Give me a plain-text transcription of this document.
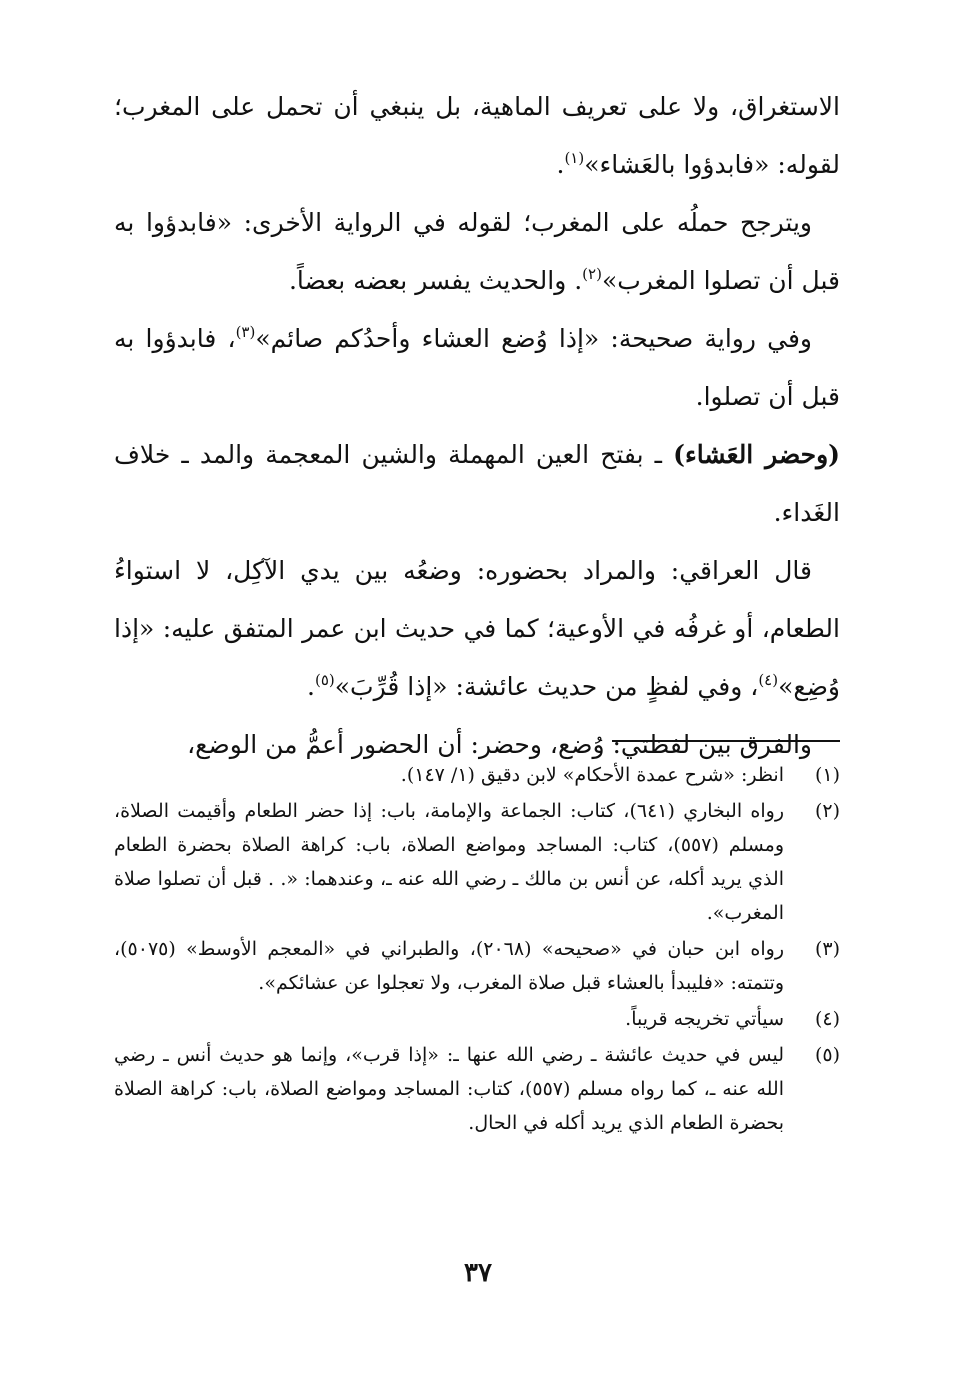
الاستغراق، ولا على تعريف الماهية، بل ينبغي أن تحمل على المغرب؛ لقوله: «فابدؤوا بالعَشاء»$^{(١)}$.

ويترجح حملُه على المغرب؛ لقوله في الرواية الأخرى: «فابدؤوا به قبل أن تصلوا المغرب»$^{(٢)}$. والحديث يفسر بعضه بعضاً.

وفي رواية صحيحة: «إذا وُضع العشاء وأحدُكم صائم»$^{(٣)}$، فابدؤوا به قبل أن تصلوا.

(وحضر العَشاء) ـ بفتح العين المهملة والشين المعجمة والمد ـ خلاف الغَداء.

قال العراقي: والمراد بحضوره: وضعُه بين يدي الآكِل، لا استواءُ الطعام، أو غرفُه في الأوعية؛ كما في حديث ابن عمر المتفق عليه: «إذا وُضِع»$^{(٤)}$، وفي لفظٍ من حديث عائشة: «إذا قُرِّبَ»$^{(٥)}$.

والفرق بين لفظتي: وُضع، وحضر: أن الحضور أعمُّ من الوضع،

(١)
انظر: «شرح عمدة الأحكام» لابن دقيق (١/ ١٤٧).
(٢)
رواه البخاري (٦٤١)، كتاب: الجماعة والإمامة، باب: إذا حضر الطعام وأقيمت الصلاة، ومسلم (٥٥٧)، كتاب: المساجد ومواضع الصلاة، باب: كراهة الصلاة بحضرة الطعام الذي يريد أكله، عن أنس بن مالك ـ رضي الله عنه ـ، وعندهما: «. . قبل أن تصلوا صلاة المغرب».
(٣)
رواه ابن حبان في «صحيحه» (٢٠٦٨)، والطبراني في «المعجم الأوسط» (٥٠٧٥)، وتتمته: «فليبدأ بالعشاء قبل صلاة المغرب، ولا تعجلوا عن عشائكم».
(٤)
سيأتي تخريجه قريباً.
(٥)
ليس في حديث عائشة ـ رضي الله عنها ـ: «إذا قرب»، وإنما هو حديث أنس ـ رضي الله عنه ـ، كما رواه مسلم (٥٥٧)، كتاب: المساجد ومواضع الصلاة، باب: كراهة الصلاة بحضرة الطعام الذي يريد أكله في الحال.
٣٧
